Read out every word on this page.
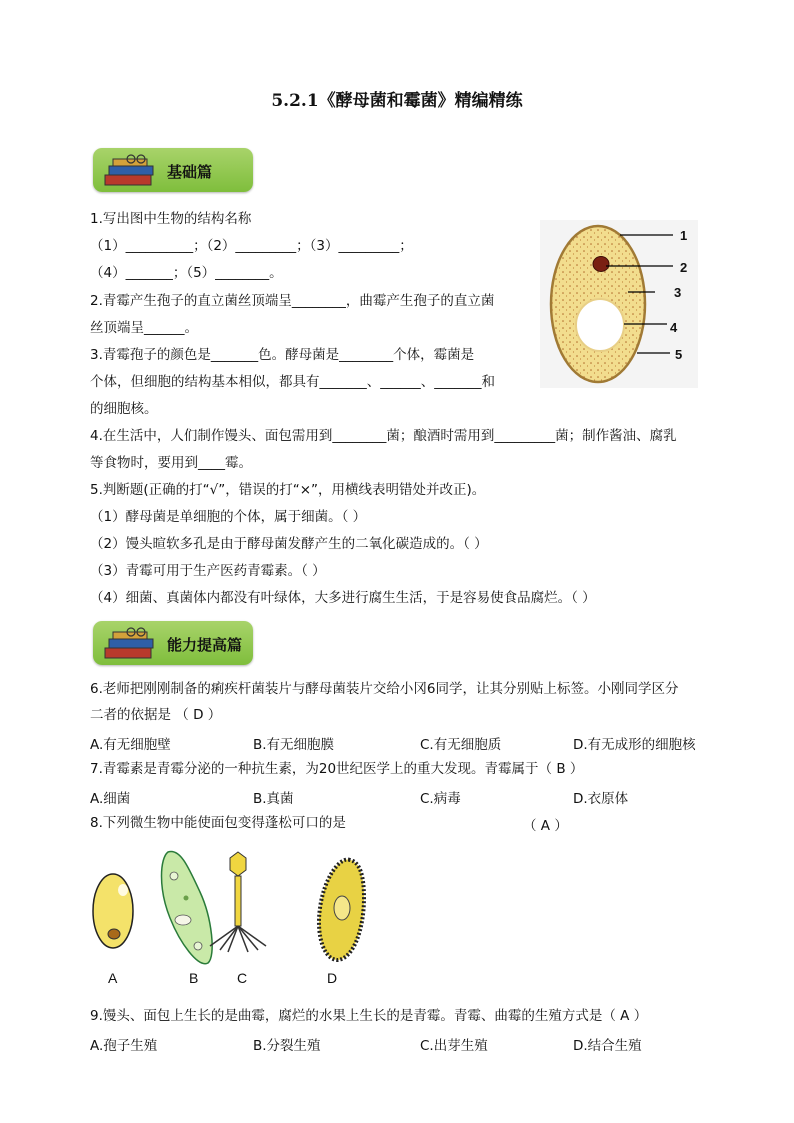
5.2.1《酵母菌和霉菌》精编精练
基础篇
1.写出图中生物的结构名称
（1）__________；（2）_________；（3）_________；
（4）_______；（5）________。
2.青霉产生孢子的直立菌丝顶端呈________，曲霉产生孢子的直立菌
丝顶端呈______。
3.青霉孢子的颜色是_______色。酵母菌是________个体，霉菌是
个体，但细胞的结构基本相似，都具有_______、______、_______和
的细胞核。
1
2
3
4
5
4.在生活中，人们制作馒头、面包需用到________菌；酿酒时需用到_________菌；制作酱油、腐乳
等食物时，要用到____霉。
5.判断题(正确的打“√”，错误的打“×”，用横线表明错处并改正)。
（1）酵母菌是单细胞的个体，属于细菌。（ ）
（2）馒头暄软多孔是由于酵母菌发酵产生的二氧化碳造成的。（ ）
（3）青霉可用于生产医药青霉素。（ ）
（4）细菌、真菌体内都没有叶绿体，大多进行腐生生活，于是容易使食品腐烂。（ ）
能力提高篇
6.老师把刚刚制备的痢疾杆菌装片与酵母菌装片交给小冈6同学，让其分别贴上标签。小刚同学区分
二者的依据是 （ D ）
A.有无细胞壁	B.有无细胞膜	C.有无细胞质	D.有无成形的细胞核
7.青霉素是青霉分泌的一种抗生素，为20世纪医学上的重大发现。青霉属于（ B ）
A.细菌	B.真菌	C.病毒	D.衣原体
8.下列微生物中能使面包变得蓬松可口的是	（ A ）
A	B	C	D
9.馒头、面包上生长的是曲霉，腐烂的水果上生长的是青霉。青霉、曲霉的生殖方式是（ A ）
A.孢子生殖	B.分裂生殖	C.出芽生殖	D.结合生殖
